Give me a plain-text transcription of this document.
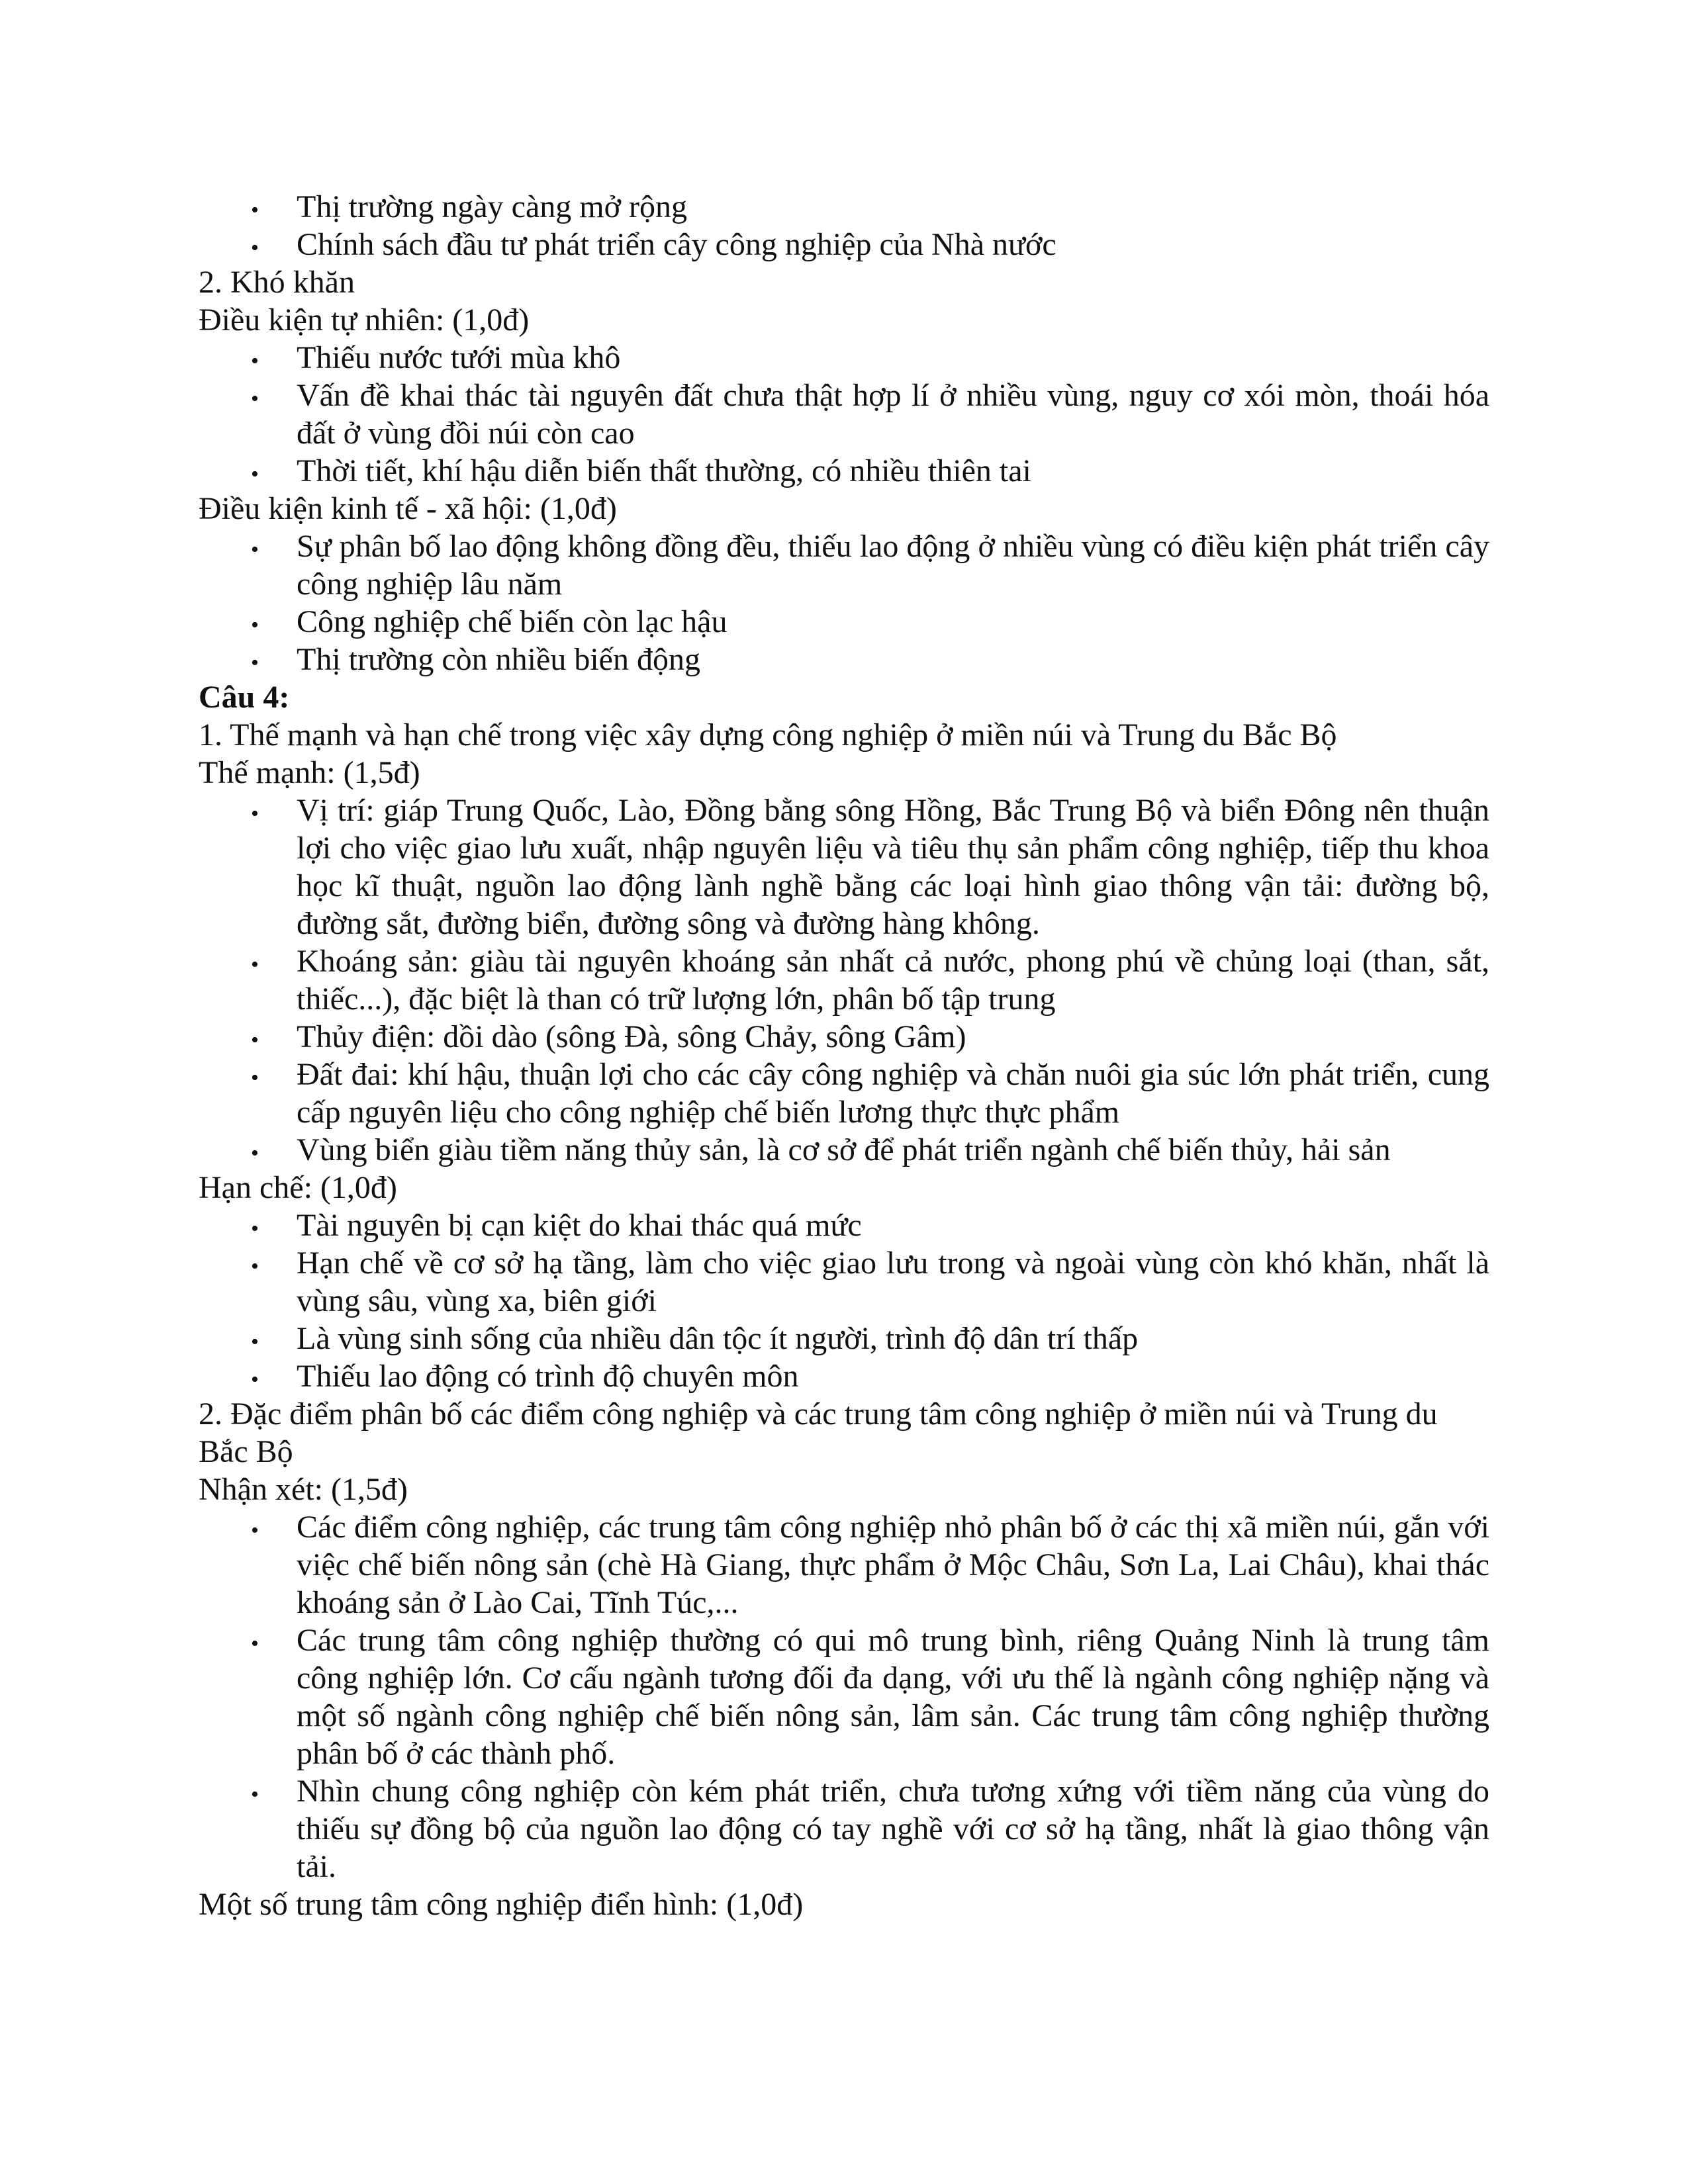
•
Thị trường ngày càng mở rộng
•
Chính sách đầu tư phát triển cây công nghiệp của Nhà nước

2. Khó khăn

Điều kiện tự nhiên: (1,0đ)

•
Thiếu nước tưới mùa khô
•
Vấn đề khai thác tài nguyên đất chưa thật hợp lí ở nhiều vùng, nguy cơ xói mòn, thoái hóa đất ở vùng đồi núi còn cao
•
Thời tiết, khí hậu diễn biến thất thường, có nhiều thiên tai

Điều kiện kinh tế - xã hội: (1,0đ)

•
Sự phân bố lao động không đồng đều, thiếu lao động ở nhiều vùng có điều kiện phát triển cây công nghiệp lâu năm
•
Công nghiệp chế biến còn lạc hậu
•
Thị trường còn nhiều biến động

Câu 4:

1. Thế mạnh và hạn chế trong việc xây dựng công nghiệp ở miền núi và Trung du Bắc Bộ

Thế mạnh: (1,5đ)

•
Vị trí: giáp Trung Quốc, Lào, Đồng bằng sông Hồng, Bắc Trung Bộ và biển Đông nên thuận lợi cho việc giao lưu xuất, nhập nguyên liệu và tiêu thụ sản phẩm công nghiệp, tiếp thu khoa học kĩ thuật, nguồn lao động lành nghề bằng các loại hình giao thông vận tải: đường bộ, đường sắt, đường biển, đường sông và đường hàng không.
•
Khoáng sản: giàu tài nguyên khoáng sản nhất cả nước, phong phú về chủng loại (than, sắt, thiếc...), đặc biệt là than có trữ lượng lớn, phân bố tập trung
•
Thủy điện: dồi dào (sông Đà, sông Chảy, sông Gâm)
•
Đất đai: khí hậu, thuận lợi cho các cây công nghiệp và chăn nuôi gia súc lớn phát triển, cung cấp nguyên liệu cho công nghiệp chế biến lương thực thực phẩm
•
Vùng biển giàu tiềm năng thủy sản, là cơ sở để phát triển ngành chế biến thủy, hải sản

Hạn chế: (1,0đ)

•
Tài nguyên bị cạn kiệt do khai thác quá mức
•
Hạn chế về cơ sở hạ tầng, làm cho việc giao lưu trong và ngoài vùng còn khó khăn, nhất là vùng sâu, vùng xa, biên giới
•
Là vùng sinh sống của nhiều dân tộc ít người, trình độ dân trí thấp
•
Thiếu lao động có trình độ chuyên môn

2. Đặc điểm phân bố các điểm công nghiệp và các trung tâm công nghiệp ở miền núi và Trung du Bắc Bộ

Nhận xét: (1,5đ)

•
Các điểm công nghiệp, các trung tâm công nghiệp nhỏ phân bố ở các thị xã miền núi, gắn với việc chế biến nông sản (chè Hà Giang, thực phẩm ở Mộc Châu, Sơn La, Lai Châu), khai thác khoáng sản ở Lào Cai, Tĩnh Túc,...
•
Các trung tâm công nghiệp thường có qui mô trung bình, riêng Quảng Ninh là trung tâm công nghiệp lớn. Cơ cấu ngành tương đối đa dạng, với ưu thế là ngành công nghiệp nặng và một số ngành công nghiệp chế biến nông sản, lâm sản. Các trung tâm công nghiệp thường phân bố ở các thành phố.
•
Nhìn chung công nghiệp còn kém phát triển, chưa tương xứng với tiềm năng của vùng do thiếu sự đồng bộ của nguồn lao động có tay nghề với cơ sở hạ tầng, nhất là giao thông vận tải.

Một số trung tâm công nghiệp điển hình: (1,0đ)
